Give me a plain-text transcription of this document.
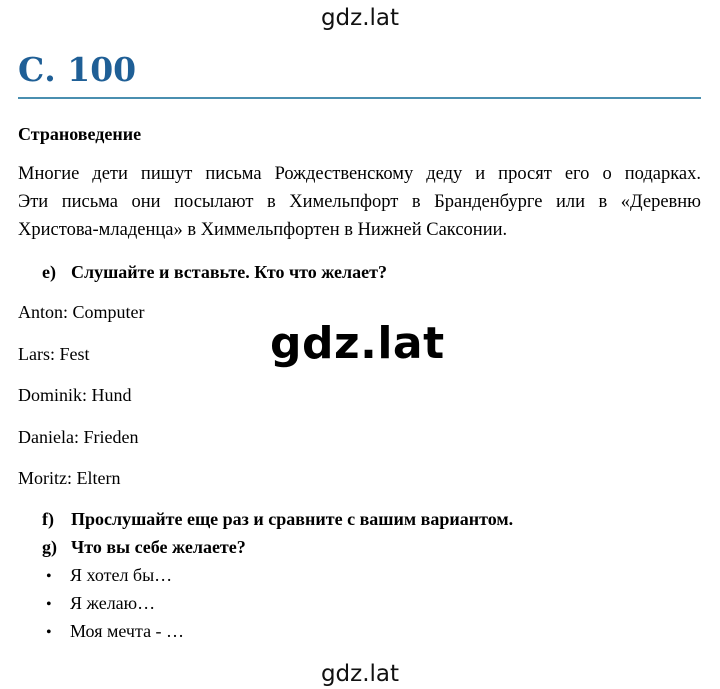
gdz.lat
С. 100
Страноведение
Многие дети пишут письма Рождественскому деду и просят его о подарках.
Эти письма они посылают в Химельпфорт в Бранденбурге или в «Деревню
Христова-младенца» в Химмельпфортен в Нижней Саксонии.
e) Слушайте и вставьте. Кто что желает?
gdz.lat
Anton: Computer
Lars: Fest
Dominik: Hund
Daniela: Frieden
Moritz: Eltern
f) Прослушайте еще раз и сравните с вашим вариантом.
g) Что вы себе желаете?
• Я хотел бы…
• Я желаю…
• Моя мечта - …
gdz.lat
